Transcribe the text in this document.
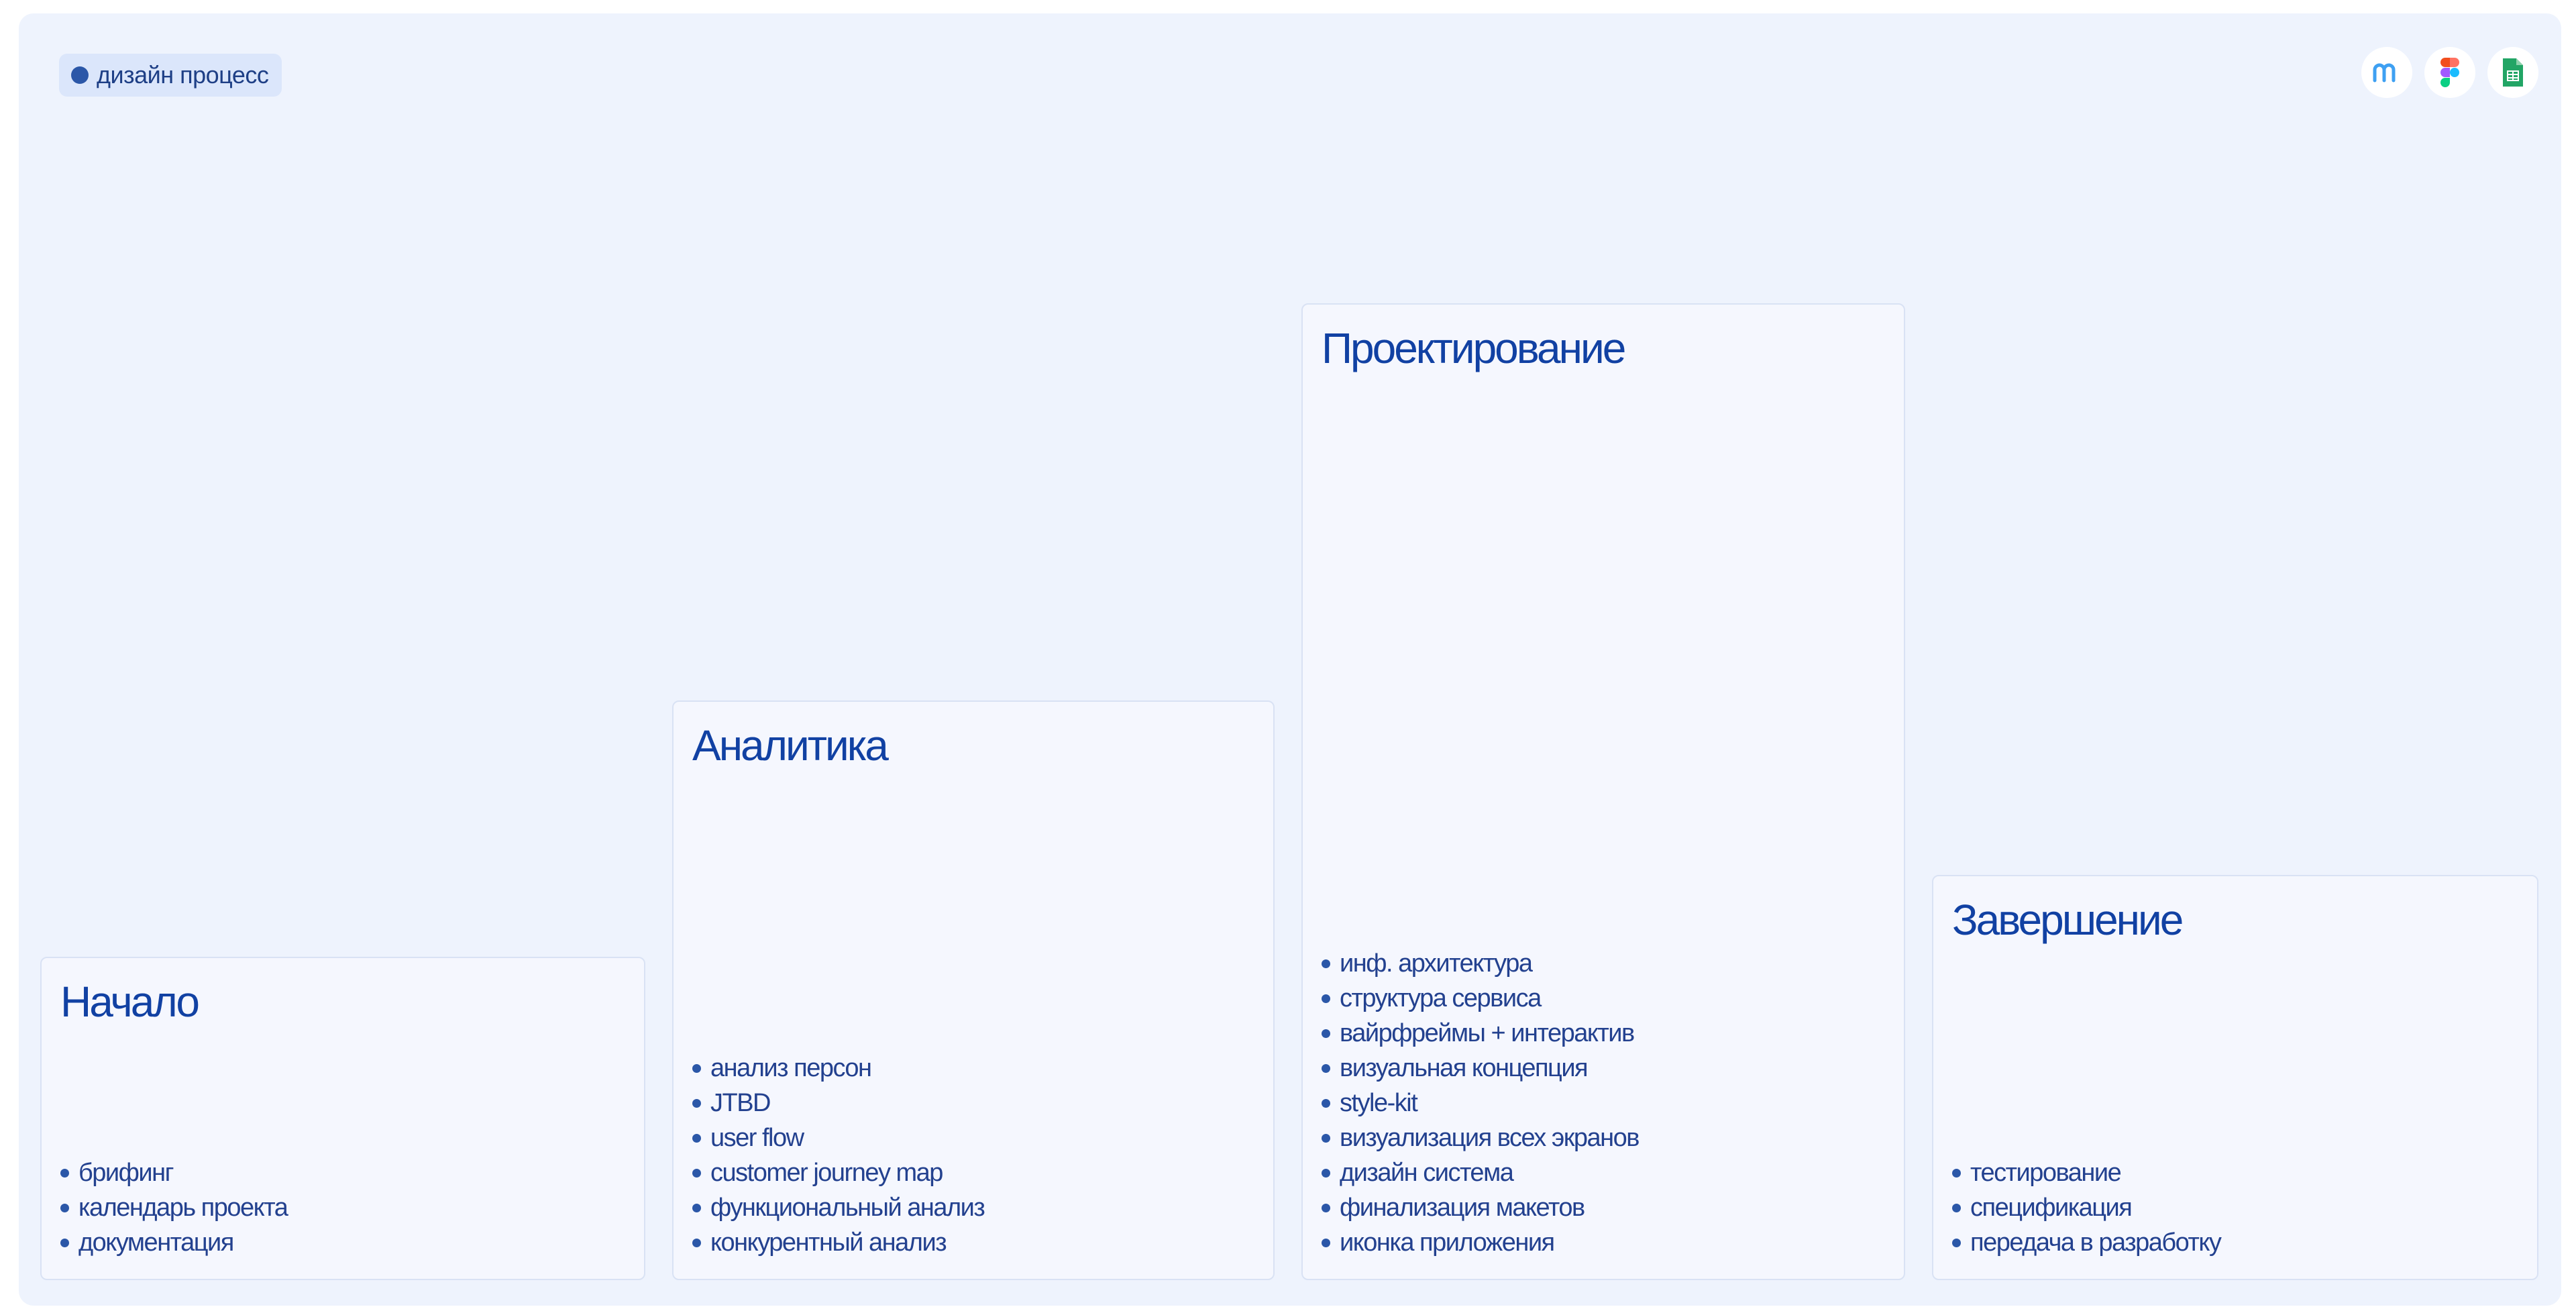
дизайн процесс
Начало
брифинг
календарь проекта
документация
Аналитика
анализ персон
JTBD
user flow
customer journey map
функциональный анализ
конкурентный анализ
Проектирование
инф. архитектура
структура сервиса
вайрфреймы + интерактив
визуальная концепция
style-kit
визуализация всех экранов
дизайн система
финализация макетов
иконка приложения
Завершение
тестирование
спецификация
передача в разработку
